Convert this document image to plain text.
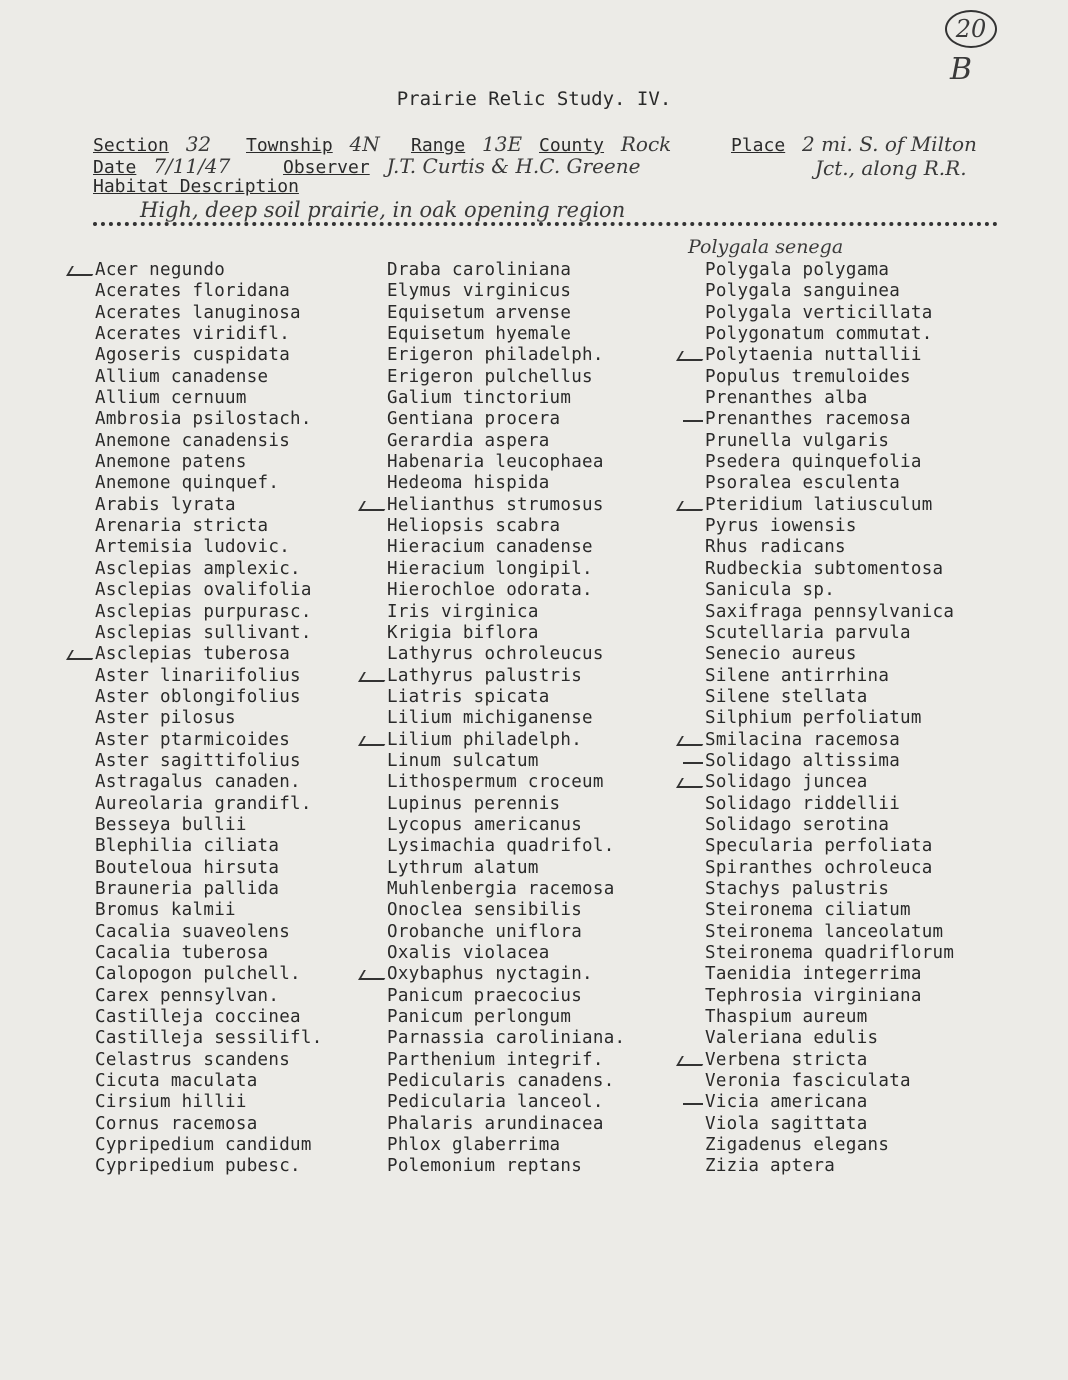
20
B
Prairie Relic Study. IV.
Section 32 Township 4N Range 13E County Rock	Place 2 mi. S. of Milton
Date 7/11/47	Observer J.T. Curtis & H.C. Greene	Jct., along R.R.
Habitat Description
High, deep soil prairie, in oak opening region
Polygala senega
Acer negundo
Acerates floridana
Acerates lanuginosa
Acerates viridifl.
Agoseris cuspidata
Allium canadense
Allium cernuum
Ambrosia psilostach.
Anemone canadensis
Anemone patens
Anemone quinquef.
Arabis lyrata
Arenaria stricta
Artemisia ludovic.
Asclepias amplexic.
Asclepias ovalifolia
Asclepias purpurasc.
Asclepias sullivant.
Asclepias tuberosa
Aster linariifolius
Aster oblongifolius
Aster pilosus
Aster ptarmicoides
Aster sagittifolius
Astragalus canaden.
Aureolaria grandifl.
Besseya bullii
Blephilia ciliata
Bouteloua hirsuta
Brauneria pallida
Bromus kalmii
Cacalia suaveolens
Cacalia tuberosa
Calopogon pulchell.
Carex pennsylvan.
Castilleja coccinea
Castilleja sessilifl.
Celastrus scandens
Cicuta maculata
Cirsium hillii
Cornus racemosa
Cypripedium candidum
Cypripedium pubesc.
Draba caroliniana
Elymus virginicus
Equisetum arvense
Equisetum hyemale
Erigeron philadelph.
Erigeron pulchellus
Galium tinctorium
Gentiana procera
Gerardia aspera
Habenaria leucophaea
Hedeoma hispida
Helianthus strumosus
Heliopsis scabra
Hieracium canadense
Hieracium longipil.
Hierochloe odorata.
Iris virginica
Krigia biflora
Lathyrus ochroleucus
Lathyrus palustris
Liatris spicata
Lilium michiganense
Lilium philadelph.
Linum sulcatum
Lithospermum croceum
Lupinus perennis
Lycopus americanus
Lysimachia quadrifol.
Lythrum alatum
Muhlenbergia racemosa
Onoclea sensibilis
Orobanche uniflora
Oxalis violacea
Oxybaphus nyctagin.
Panicum praecocius
Panicum perlongum
Parnassia caroliniana.
Parthenium integrif.
Pedicularis canadens.
Pedicularia lanceol.
Phalaris arundinacea
Phlox glaberrima
Polemonium reptans
Polygala polygama
Polygala sanguinea
Polygala verticillata
Polygonatum commutat.
Polytaenia nuttallii
Populus tremuloides
Prenanthes alba
Prenanthes racemosa
Prunella vulgaris
Psedera quinquefolia
Psoralea esculenta
Pteridium latiusculum
Pyrus iowensis
Rhus radicans
Rudbeckia subtomentosa
Sanicula sp.
Saxifraga pennsylvanica
Scutellaria parvula
Senecio aureus
Silene antirrhina
Silene stellata
Silphium perfoliatum
Smilacina racemosa
Solidago altissima
Solidago juncea
Solidago riddellii
Solidago serotina
Specularia perfoliata
Spiranthes ochroleuca
Stachys palustris
Steironema ciliatum
Steironema lanceolatum
Steironema quadriflorum
Taenidia integerrima
Tephrosia virginiana
Thaspium aureum
Valeriana edulis
Verbena stricta
Veronia fasciculata
Vicia americana
Viola sagittata
Zigadenus elegans
Zizia aptera
